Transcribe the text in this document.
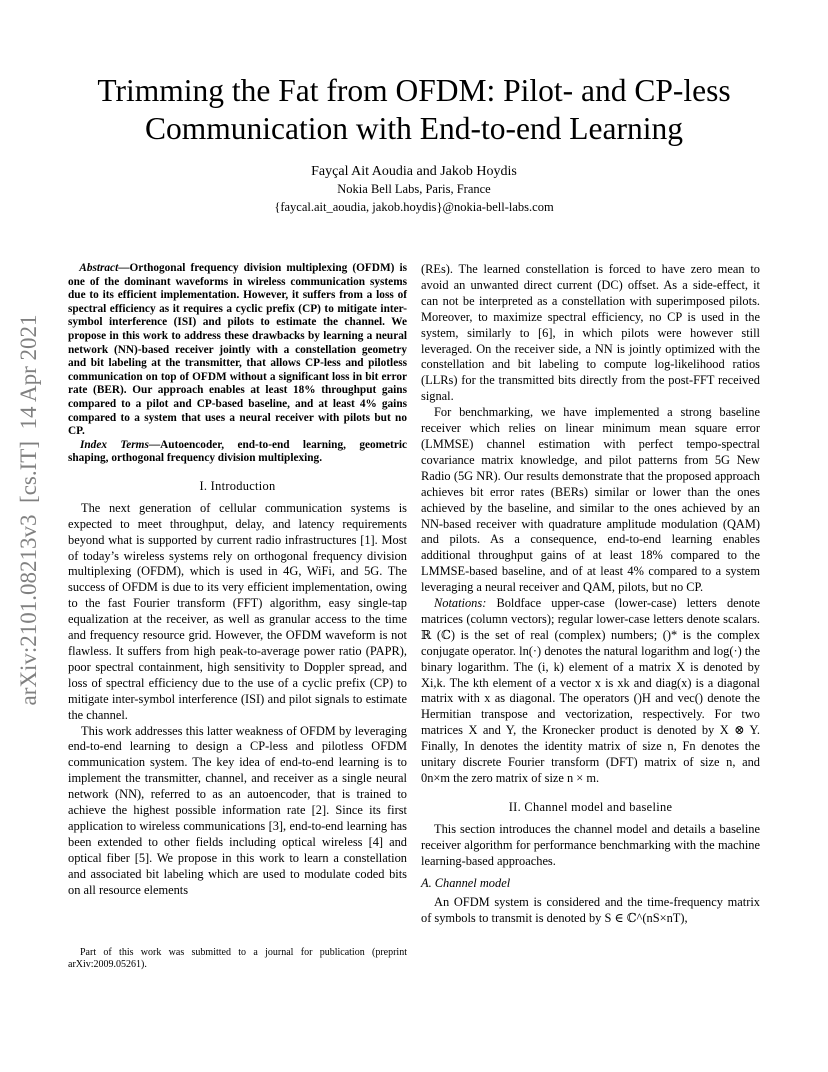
arXiv:2101.08213v3  [cs.IT]  14 Apr 2021
Trimming the Fat from OFDM: Pilot- and CP-less Communication with End-to-end Learning
Fayçal Ait Aoudia and Jakob Hoydis
Nokia Bell Labs, Paris, France
{faycal.ait_aoudia, jakob.hoydis}@nokia-bell-labs.com

 Abstract—Orthogonal frequency division multiplexing (OFDM) is one of the dominant waveforms in wireless communication systems due to its efficient implementation. However, it suffers from a loss of spectral efficiency as it requires a cyclic prefix (CP) to mitigate inter-symbol interference (ISI) and pilots to estimate the channel. We propose in this work to address these drawbacks by learning a neural network (NN)-based receiver jointly with a constellation geometry and bit labeling at the transmitter, that allows CP-less and pilotless communication on top of OFDM without a significant loss in bit error rate (BER). Our approach enables at least 18% throughput gains compared to a pilot and CP-based baseline, and at least 4% gains compared to a system that uses a neural receiver with pilots but no CP.

Index Terms—Autoencoder, end-to-end learning, geometric shaping, orthogonal frequency division multiplexing.

I. Introduction

The next generation of cellular communication systems is expected to meet throughput, delay, and latency requirements beyond what is supported by current radio infrastructures [1]. Most of today’s wireless systems rely on orthogonal frequency division multiplexing (OFDM), which is used in 4G, WiFi, and 5G. The success of OFDM is due to its very efficient implementation, owing to the fast Fourier transform (FFT) algorithm, easy single-tap equalization at the receiver, as well as granular access to the time and frequency resource grid. However, the OFDM waveform is not flawless. It suffers from high peak-to-average power ratio (PAPR), poor spectral containment, high sensitivity to Doppler spread, and loss of spectral efficiency due to the use of a cyclic prefix (CP) to mitigate inter-symbol interference (ISI) and pilot signals to estimate the channel.

This work addresses this latter weakness of OFDM by leveraging end-to-end learning to design a CP-less and pilotless OFDM communication system. The key idea of end-to-end learning is to implement the transmitter, channel, and receiver as a single neural network (NN), referred to as an autoencoder, that is trained to achieve the highest possible information rate [2]. Since its first application to wireless communications [3], end-to-end learning has been extended to other fields including optical wireless [4] and optical fiber [5]. We propose in this work to learn a constellation and associated bit labeling which are used to modulate coded bits on all resource elements

(REs). The learned constellation is forced to have zero mean to avoid an unwanted direct current (DC) offset. As a side-effect, it can not be interpreted as a constellation with superimposed pilots. Moreover, to maximize spectral efficiency, no CP is used in the system, similarly to [6], in which pilots were however still leveraged. On the receiver side, a NN is jointly optimized with the constellation and bit labeling to compute log-likelihood ratios (LLRs) for the transmitted bits directly from the post-FFT received signal.

For benchmarking, we have implemented a strong baseline receiver which relies on linear minimum mean square error (LMMSE) channel estimation with perfect tempo-spectral covariance matrix knowledge, and pilot patterns from 5G New Radio (5G NR). Our results demonstrate that the proposed approach achieves bit error rates (BERs) similar or lower than the ones achieved by the baseline, and similar to the ones achieved by an NN-based receiver with quadrature amplitude modulation (QAM) and pilots. As a consequence, end-to-end learning enables additional throughput gains of at least 18% compared to the LMMSE-based baseline, and of at least 4% compared to a system leveraging a neural receiver and QAM, pilots, but no CP.

Notations: Boldface upper-case (lower-case) letters denote matrices (column vectors); regular lower-case letters denote scalars. ℝ (ℂ) is the set of real (complex) numbers; ()* is the complex conjugate operator. ln(·) denotes the natural logarithm and log(·) the binary logarithm. The (i, k) element of a matrix X is denoted by Xi,k. The kth element of a vector x is xk and diag(x) is a diagonal matrix with x as diagonal. The operators ()H and vec() denote the Hermitian transpose and vectorization, respectively. For two matrices X and Y, the Kronecker product is denoted by X ⊗ Y. Finally, In denotes the identity matrix of size n, Fn denotes the unitary discrete Fourier transform (DFT) matrix of size n, and 0n×m the zero matrix of size n × m.

II. Channel model and baseline

This section introduces the channel model and details a baseline receiver algorithm for performance benchmarking with the machine learning-based approaches.

A. Channel model

An OFDM system is considered and the time-frequency matrix of symbols to transmit is denoted by S ∈ ℂ^(nS×nT),

Part of this work was submitted to a journal for publication (preprint arXiv:2009.05261).
